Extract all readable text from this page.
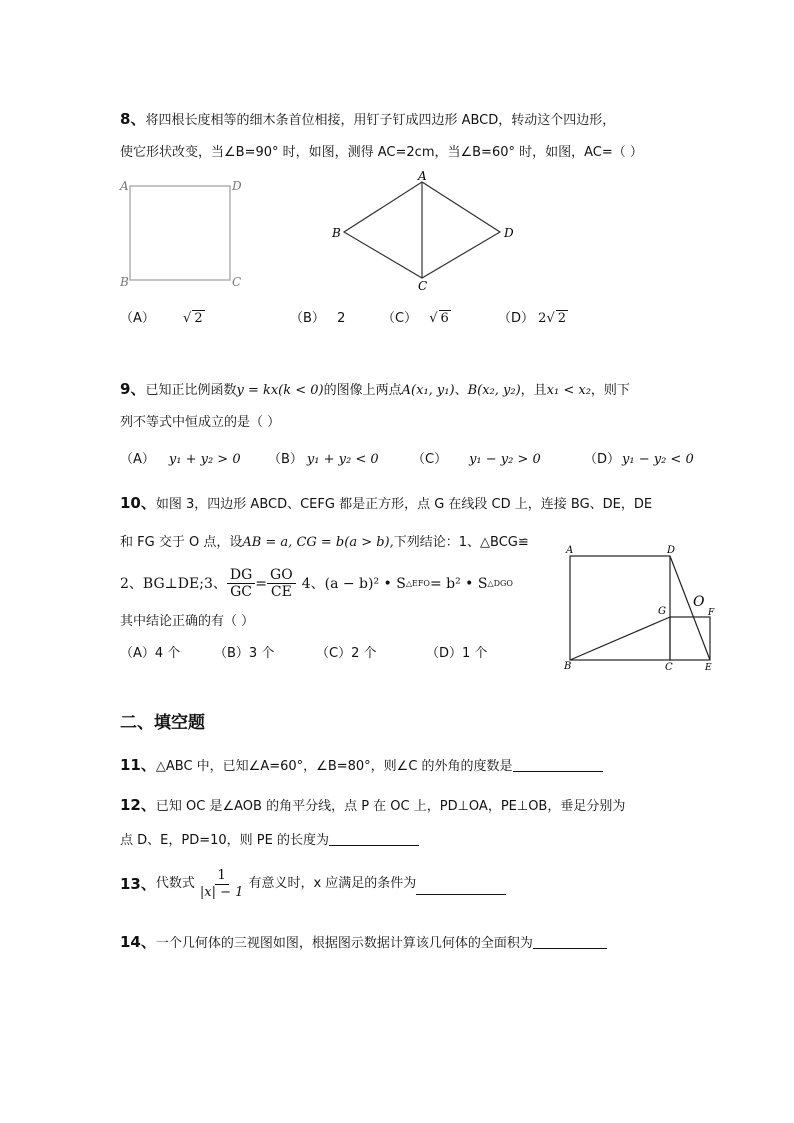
8、将四根长度相等的细木条首位相接，用钉子钉成四边形 ABCD，转动这个四边形，
使它形状改变，当∠B=90° 时，如图，测得 AC=2cm，当∠B=60° 时，如图，AC=（ ）
A	D
B	C
A
B	D
C
（A） √ 2	（B） 2	（C） √ 6	（D） 2√ 2
9、已知正比例函数y = kx(k < 0)的图像上两点A(x₁, y₁)、B(x₂, y₂)，且x₁ < x₂，则下
列不等式中恒成立的是（ ）
（A） y₁ + y₂ > 0 （B） y₁ + y₂ < 0	（C） y₁ − y₂ > 0	（D） y₁ − y₂ < 0
10、如图 3，四边形 ABCD、CEFG 都是正方形，点 G 在线段 CD 上，连接 BG、DE，DE
和 FG 交于 O 点，设AB = a, CG = b(a > b),下列结论：1、△BCG≌
2、BG⊥DE;3、 $\frac{DG}{GC} = \frac{GO}{CE} 4$、(a − b)² • S △EFO = b² • S △DGO
其中结论正确的有（ ）
（A）4 个	（B）3 个	（C）2 个	（D）1 个
A	D
G
O
F
B	C	E
二、填空题
11、△ABC 中，已知∠A=60°，∠B=80°，则∠C 的外角的度数是
12、已知 OC 是∠AOB 的角平分线，点 P 在 OC 上，PD⊥OA，PE⊥OB，垂足分别为
点 D、E，PD=10，则 PE 的长度为
13 、 代数式 $\frac{1}{|x| - 1}$ 有意义时，x 应满足的条件为
14、一个几何体的三视图如图，根据图示数据计算该几何体的全面积为
